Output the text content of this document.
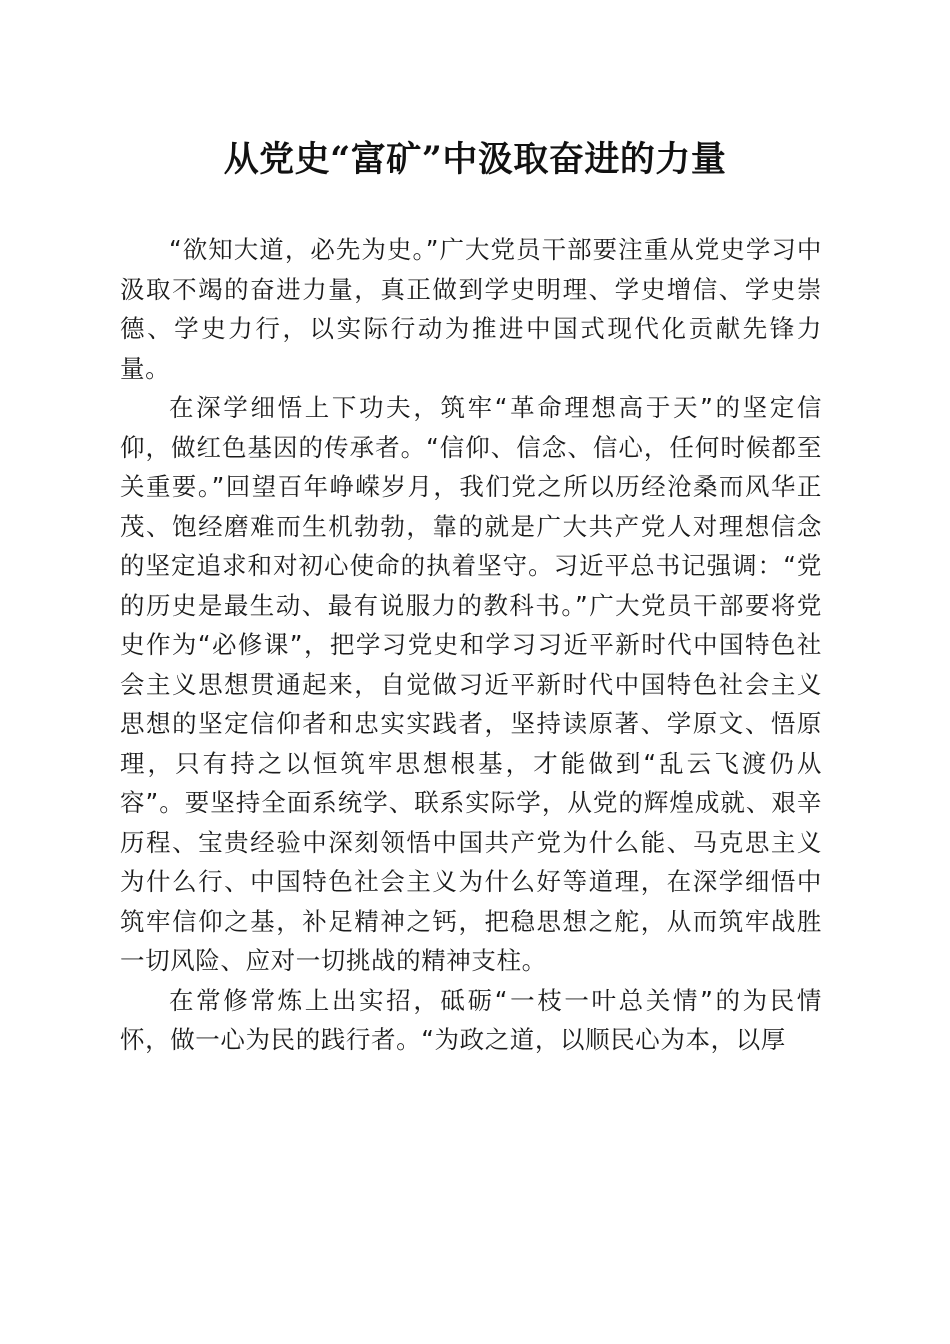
从党史“富矿”中汲取奋进的力量

“欲知大道，必先为史。”广大党员干部要注重从党史学习中汲取不竭的奋进力量，真正做到学史明理、学史增信、学史崇德、学史力行，以实际行动为推进中国式现代化贡献先锋力量。

在深学细悟上下功夫，筑牢“革命理想高于天”的坚定信仰，做红色基因的传承者。“信仰、信念、信心，任何时候都至关重要。”回望百年峥嵘岁月，我们党之所以历经沧桑而风华正茂、饱经磨难而生机勃勃，靠的就是广大共产党人对理想信念的坚定追求和对初心使命的执着坚守。习近平总书记强调：“党的历史是最生动、最有说服力的教科书。”广大党员干部要将党史作为“必修课”，把学习党史和学习习近平新时代中国特色社会主义思想贯通起来，自觉做习近平新时代中国特色社会主义思想的坚定信仰者和忠实实践者，坚持读原著、学原文、悟原理，只有持之以恒筑牢思想根基，才能做到“乱云飞渡仍从容”。要坚持全面系统学、联系实际学，从党的辉煌成就、艰辛历程、宝贵经验中深刻领悟中国共产党为什么能、马克思主义为什么行、中国特色社会主义为什么好等道理，在深学细悟中筑牢信仰之基，补足精神之钙，把稳思想之舵，从而筑牢战胜一切风险、应对一切挑战的精神支柱。

在常修常炼上出实招，砥砺“一枝一叶总关情”的为民情怀，做一心为民的践行者。“为政之道，以顺民心为本，以厚
